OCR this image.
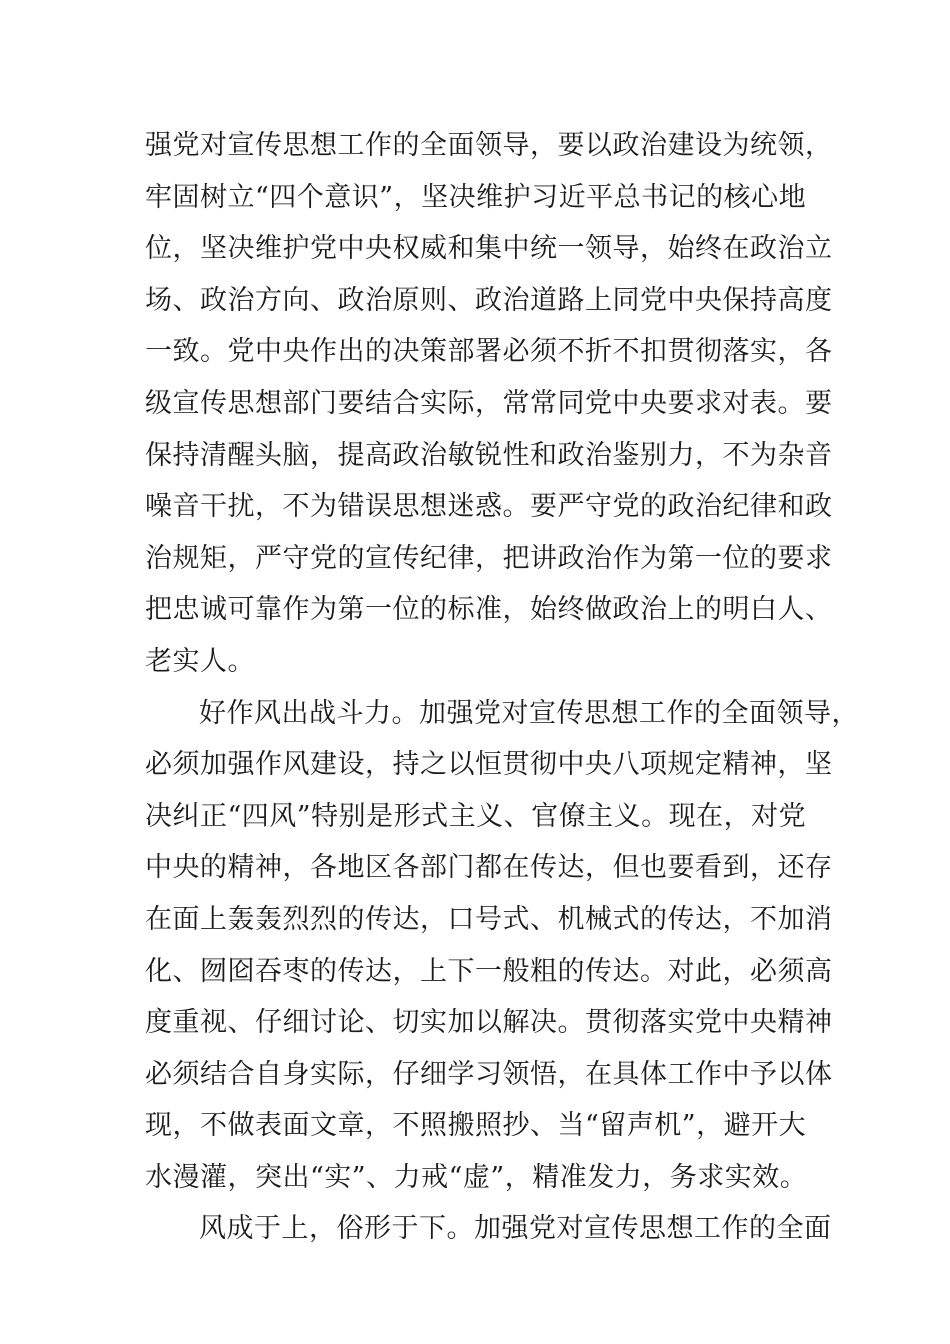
强党对宣传思想工作的全面领导，要以政治建设为统领，
牢固树立“四个意识”，坚决维护习近平总书记的核心地
位，坚决维护党中央权威和集中统一领导，始终在政治立
场、政治方向、政治原则、政治道路上同党中央保持高度
一致。党中央作出的决策部署必须不折不扣贯彻落实，各
级宣传思想部门要结合实际，常常同党中央要求对表。要
保持清醒头脑，提高政治敏锐性和政治鉴别力，不为杂音
噪音干扰，不为错误思想迷惑。要严守党的政治纪律和政
治规矩，严守党的宣传纪律，把讲政治作为第一位的要求
把忠诚可靠作为第一位的标准，始终做政治上的明白人、
老实人。
好作风出战斗力。加强党对宣传思想工作的全面领导，
必须加强作风建设，持之以恒贯彻中央八项规定精神，坚
决纠正“四风”特别是形式主义、官僚主义。现在，对党
中央的精神，各地区各部门都在传达，但也要看到，还存
在面上轰轰烈烈的传达，口号式、机械式的传达，不加消
化、囫囵吞枣的传达，上下一般粗的传达。对此，必须高
度重视、仔细讨论、切实加以解决。贯彻落实党中央精神
必须结合自身实际，仔细学习领悟，在具体工作中予以体
现，不做表面文章，不照搬照抄、当“留声机”，避开大
水漫灌，突出“实”、力戒“虚”，精准发力，务求实效。
风成于上，俗形于下。加强党对宣传思想工作的全面
